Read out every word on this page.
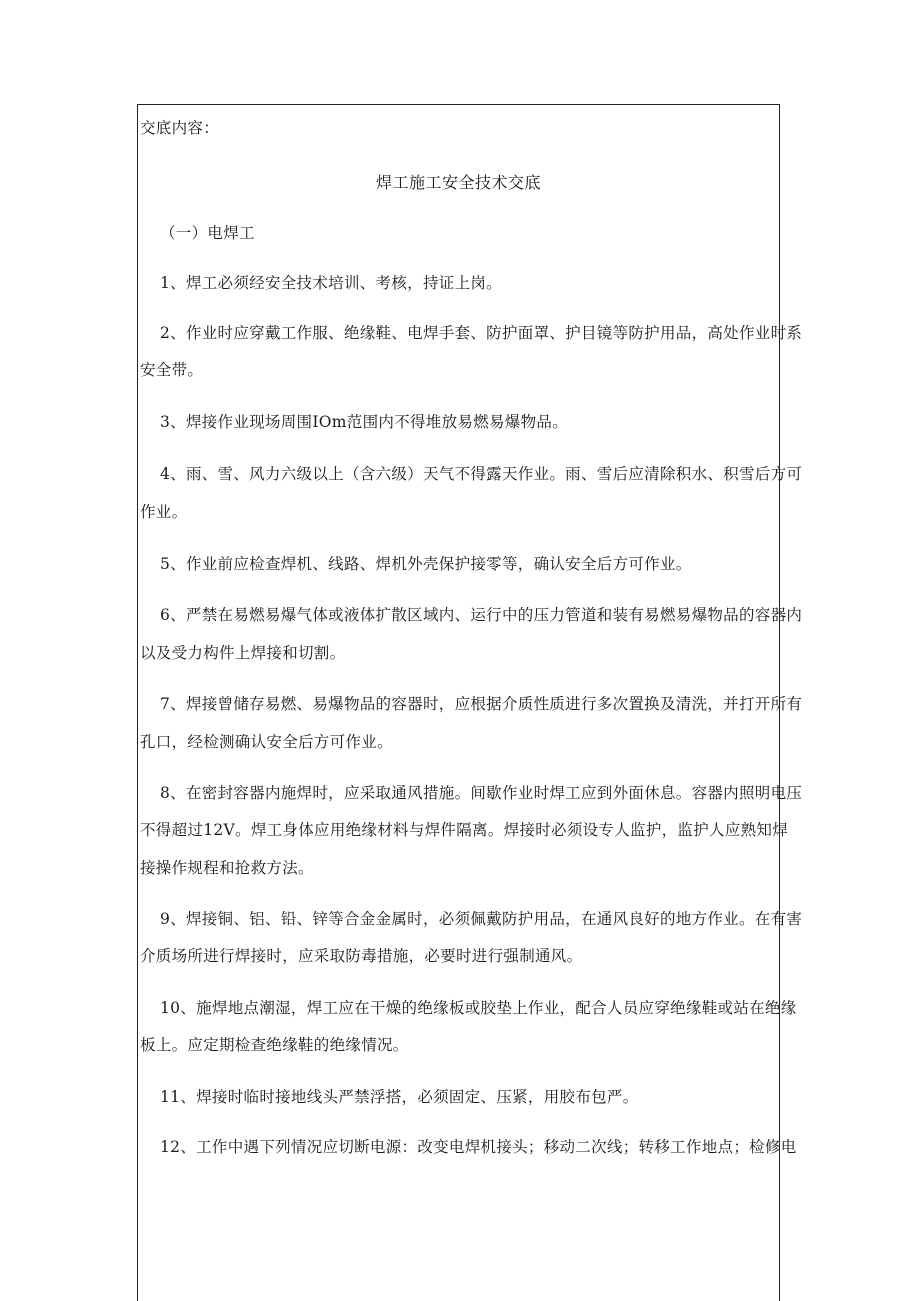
交底内容：
焊工施工安全技术交底
（一）电焊工
1、焊工必须经安全技术培训、考核，持证上岗。
2、作业时应穿戴工作服、绝缘鞋、电焊手套、防护面罩、护目镜等防护用品，高处作业时系
安全带。
3、焊接作业现场周围IOm范围内不得堆放易燃易爆物品。
4、雨、雪、风力六级以上（含六级）天气不得露天作业。雨、雪后应清除积水、积雪后方可
作业。
5、作业前应检查焊机、线路、焊机外壳保护接零等，确认安全后方可作业。
6、严禁在易燃易爆气体或液体扩散区域内、运行中的压力管道和装有易燃易爆物品的容器内
以及受力构件上焊接和切割。
7、焊接曾储存易燃、易爆物品的容器时，应根据介质性质进行多次置换及清洗，并打开所有
孔口，经检测确认安全后方可作业。
8、在密封容器内施焊时，应采取通风措施。间歇作业时焊工应到外面休息。容器内照明电压
不得超过12V。焊工身体应用绝缘材料与焊件隔离。焊接时必须设专人监护，监护人应熟知焊
接操作规程和抢救方法。
9、焊接铜、铝、铅、锌等合金金属时，必须佩戴防护用品，在通风良好的地方作业。在有害
介质场所进行焊接时，应采取防毒措施，必要时进行强制通风。
10、施焊地点潮湿，焊工应在干燥的绝缘板或胶垫上作业，配合人员应穿绝缘鞋或站在绝缘
板上。应定期检查绝缘鞋的绝缘情况。
11、焊接时临时接地线头严禁浮搭，必须固定、压紧，用胶布包严。
12、工作中遇下列情况应切断电源：改变电焊机接头；移动二次线；转移工作地点；检修电
